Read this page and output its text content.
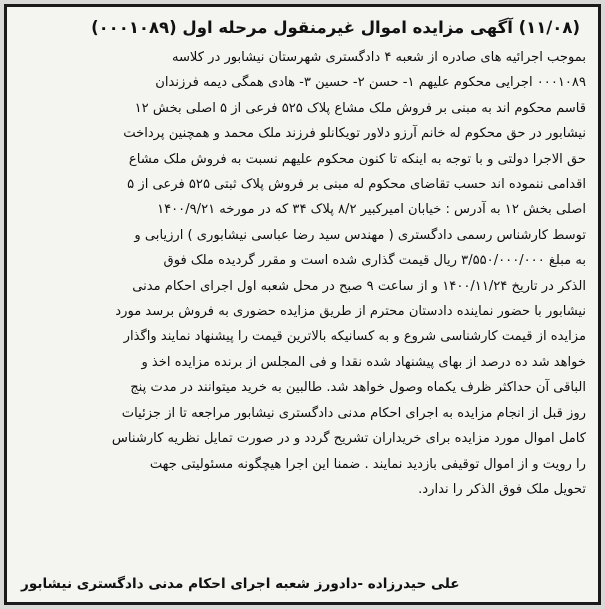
(۱۱/۰۸) آگهی مزایده اموال غیرمنقول مرحله اول (۰۰۰۱۰۸۹)
بموجب اجرائیه های صادره از شعبه ۴ دادگستری شهرستان نیشابور در کلاسه
۰۰۰۱۰۸۹ اجرایی محکوم علیهم ۱- حسن ۲- حسین ۳- هادی همگی دیمه فرزندان
قاسم محکوم اند به مبنی بر فروش ملک مشاع پلاک ۵۲۵ فرعی از ۵ اصلی بخش ۱۲
نیشابور در حق محکوم له خانم آرزو دلاور تویکانلو فرزند ملک محمد و همچنین پرداخت
حق الاجرا دولتی و با توجه به اینکه تا کنون محکوم علیهم نسبت به فروش ملک مشاع
اقدامی ننموده اند حسب تقاضای محکوم له مبنی بر فروش پلاک ثبتی ۵۲۵ فرعی از ۵
اصلی بخش ۱۲ به آدرس : خیابان امیرکبیر ۸/۲ پلاک ۳۴ که در مورخه ۱۴۰۰/۹/۲۱
توسط کارشناس رسمی دادگستری ( مهندس سید رضا عباسی نیشابوری ) ارزیابی و
به مبلغ ۳/۵۵۰/۰۰۰/۰۰۰ ریال قیمت گذاری شده است و مقرر گردیده ملک فوق
الذکر در تاریخ ۱۴۰۰/۱۱/۲۴ و از ساعت ۹ صبح در محل شعبه اول اجرای احکام مدنی
نیشابور با حضور نماینده دادستان محترم از طریق مزایده حضوری به فروش برسد مورد
مزایده از قیمت کارشناسی شروع و به کسانیکه بالاترین قیمت را پیشنهاد نمایند واگذار
خواهد شد ده درصد از بهای پیشنهاد شده نقدا و فی المجلس از برنده مزایده اخذ و
الباقی آن حداکثر ظرف یکماه وصول خواهد شد. طالبین به خرید میتوانند در مدت پنج
روز قبل از انجام مزایده به اجرای احکام مدنی دادگستری نیشابور مراجعه تا از جزئیات
کامل اموال مورد مزایده برای خریداران تشریح گردد و در صورت تمایل نظریه کارشناس
را رویت و از اموال توقیفی بازدید نمایند . ضمنا این اجرا هیچگونه مسئولیتی جهت
تحویل ملک فوق الذکر را ندارد.
علی حیدرزاده -دادورز شعبه اجرای احکام مدنی دادگستری نیشابور
